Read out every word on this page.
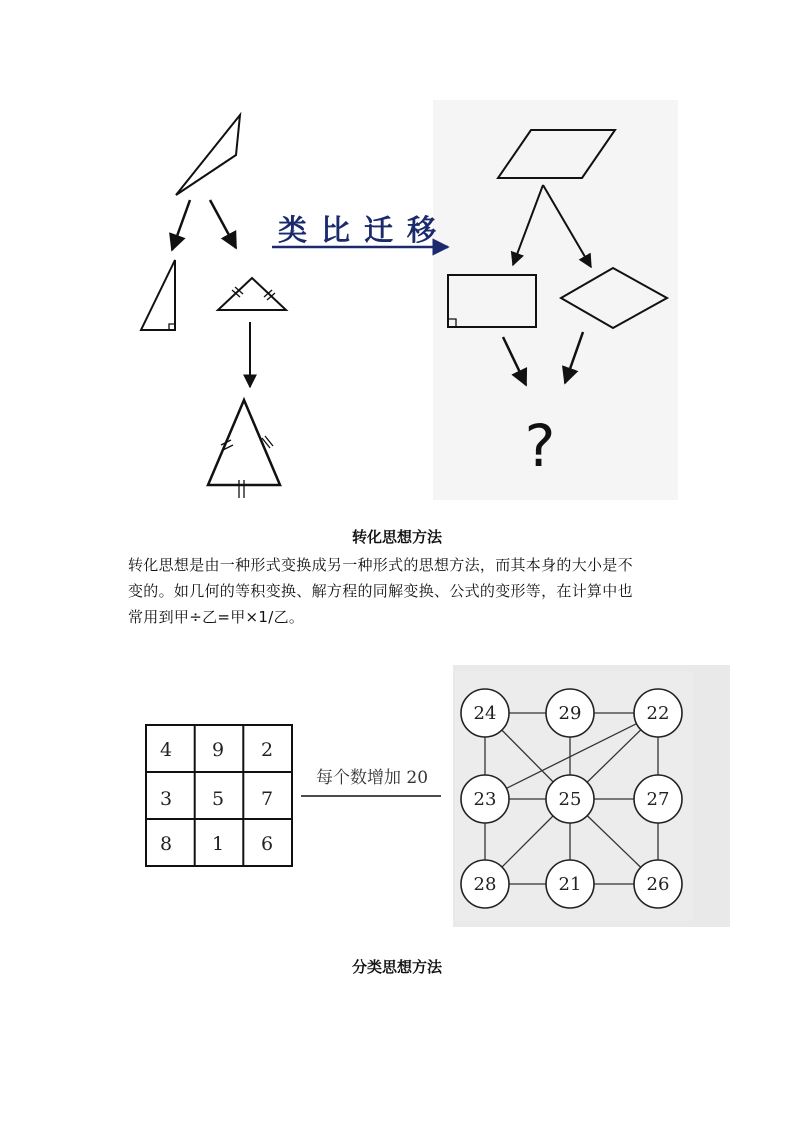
类比迁移
?
转化思想方法
转化思想是由一种形式变换成另一种形式的思想方法，而其本身的大小是不
变的。如几何的等积变换、解方程的同解变换、公式的变形等，在计算中也
常用到甲÷乙=甲×1/乙。
4 9 2
3 5 7
8 1 6
每个数增加 20
24	29	22
23	25	27
28	21	26
分类思想方法
